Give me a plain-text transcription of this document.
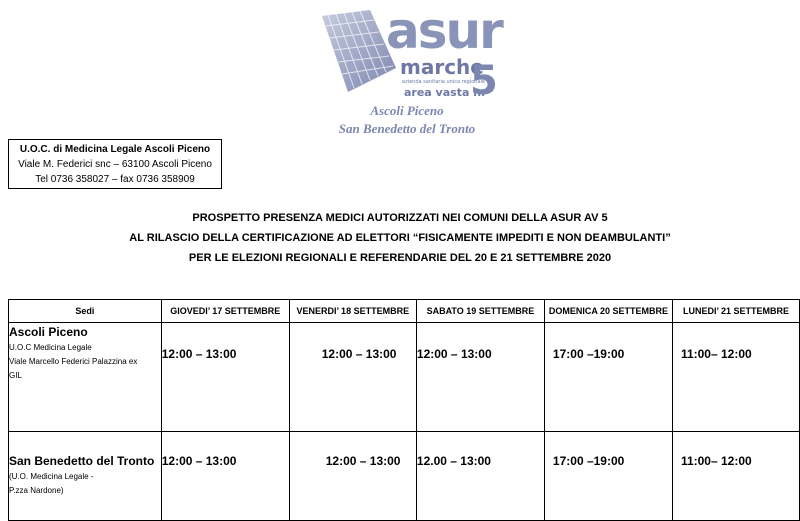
asur
marche
azienda sanitaria unica regionale
area vasta n.
5
Ascoli Piceno
San Benedetto del Tronto
U.O.C. di Medicina Legale Ascoli Piceno
Viale M. Federici snc – 63100 Ascoli Piceno
Tel 0736 358027 – fax 0736 358909
PROSPETTO PRESENZA MEDICI AUTORIZZATI NEI COMUNI DELLA ASUR AV 5
AL RILASCIO DELLA CERTIFICAZIONE AD ELETTORI “FISICAMENTE IMPEDITI E NON DEAMBULANTI”
PER LE ELEZIONI REGIONALI E REFERENDARIE DEL 20 E 21 SETTEMBRE 2020
Sedi	GIOVEDI’ 17 SETTEMBRE	VENERDI’ 18 SETTEMBRE	SABATO 19 SETTEMBRE	DOMENICA 20 SETTEMBRE	LUNEDI’ 21 SETTEMBRE

Ascoli Piceno
U.O.C Medicina Legale
Viale Marcello Federici Palazzina ex
GIL	12:00 – 13:00	12:00 – 13:00	12:00 – 13:00	17:00 –19:00	11:00– 12:00

San Benedetto del Tronto
(U.O. Medicina Legale -
P.zza Nardone)	12:00 – 13:00	12:00 – 13:00	12.00 – 13:00	17:00 –19:00	11:00– 12:00
